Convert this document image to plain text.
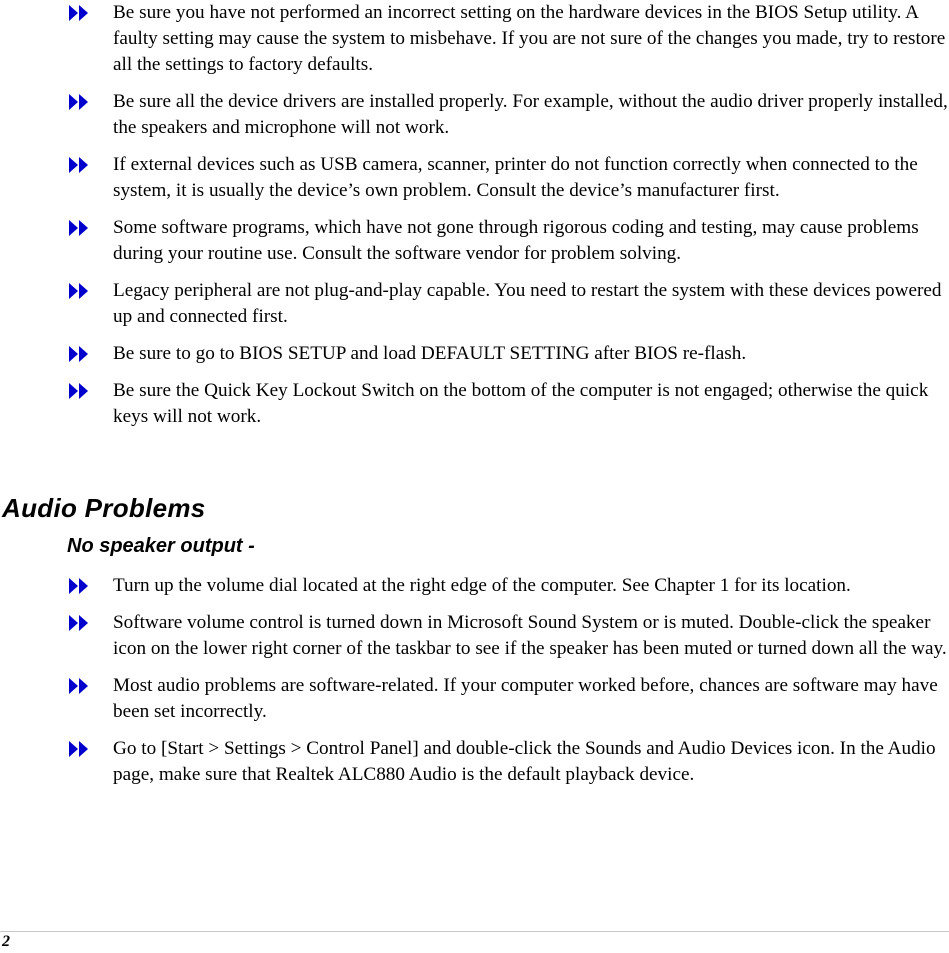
Be sure you have not performed an incorrect setting on the hardware devices in the BIOS Setup utility. A faulty setting may cause the system to misbehave. If you are not sure of the changes you made, try to restore all the settings to factory defaults.
Be sure all the device drivers are installed properly. For example, without the audio driver properly installed, the speakers and microphone will not work.
If external devices such as USB camera, scanner, printer do not function correctly when connected to the system, it is usually the device’s own problem. Consult the device’s manufacturer first.
Some software programs, which have not gone through rigorous coding and testing, may cause problems during your routine use. Consult the software vendor for problem solving.
Legacy peripheral are not plug-and-play capable. You need to restart the system with these devices powered up and connected first.
Be sure to go to BIOS SETUP and load DEFAULT SETTING after BIOS re-flash.
Be sure the Quick Key Lockout Switch on the bottom of the computer is not engaged; otherwise the quick keys will not work.
Audio Problems
No speaker output -
Turn up the volume dial located at the right edge of the computer. See Chapter 1 for its location.
Software volume control is turned down in Microsoft Sound System or is muted. Double-click the speaker icon on the lower right corner of the taskbar to see if the speaker has been muted or turned down all the way.
Most audio problems are software-related. If your computer worked before, chances are software may have been set incorrectly.
Go to [Start > Settings > Control Panel] and double-click the Sounds and Audio Devices icon. In the Audio page, make sure that Realtek ALC880 Audio is the default playback device.
2
